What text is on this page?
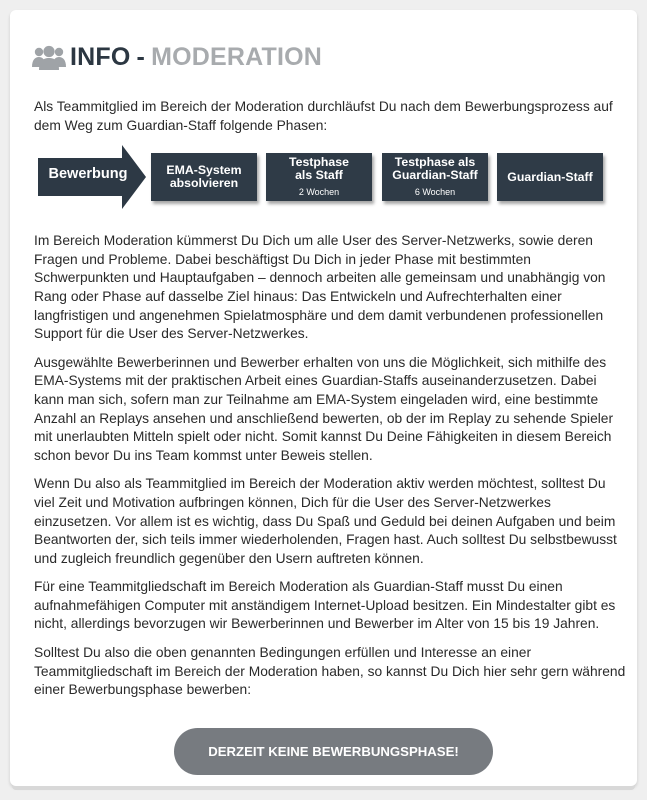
INFO - MODERATION

Als Teammitglied im Bereich der Moderation durchläufst Du nach dem Bewerbungsprozess auf dem Weg zum Guardian-Staff folgende Phasen:

Bewerbung	EMA-System
absolvieren
Testphase
als Staff
2 Wochen
Testphase als
Guardian-Staff
6 Wochen
Guardian-Staff

Im Bereich Moderation kümmerst Du Dich um alle User des Server-Netzwerks, sowie deren Fragen und Probleme. Dabei beschäftigst Du Dich in jeder Phase mit bestimmten Schwerpunkten und Hauptaufgaben – dennoch arbeiten alle gemeinsam und unabhängig von Rang oder Phase auf dasselbe Ziel hinaus: Das Entwickeln und Aufrechterhalten einer langfristigen und angenehmen Spielatmosphäre und dem damit verbundenen professionellen Support für die User des Server-Netzwerkes.

Ausgewählte Bewerberinnen und Bewerber erhalten von uns die Möglichkeit, sich mithilfe des EMA-Systems mit der praktischen Arbeit eines Guardian-Staffs auseinanderzusetzen. Dabei kann man sich, sofern man zur Teilnahme am EMA-System eingeladen wird, eine bestimmte Anzahl an Replays ansehen und anschließend bewerten, ob der im Replay zu sehende Spieler mit unerlaubten Mitteln spielt oder nicht. Somit kannst Du Deine Fähigkeiten in diesem Bereich schon bevor Du ins Team kommst unter Beweis stellen.

Wenn Du also als Teammitglied im Bereich der Moderation aktiv werden möchtest, solltest Du viel Zeit und Motivation aufbringen können, Dich für die User des Server-Netzwerkes einzusetzen. Vor allem ist es wichtig, dass Du Spaß und Geduld bei deinen Aufgaben und beim Beantworten der, sich teils immer wiederholenden, Fragen hast. Auch solltest Du selbstbewusst und zugleich freundlich gegenüber den Usern auftreten können.

Für eine Teammitgliedschaft im Bereich Moderation als Guardian-Staff musst Du einen aufnahmefähigen Computer mit anständigem Internet-Upload besitzen. Ein Mindestalter gibt es nicht, allerdings bevorzugen wir Bewerberinnen und Bewerber im Alter von 15 bis 19 Jahren.

Solltest Du also die oben genannten Bedingungen erfüllen und Interesse an einer Teammitgliedschaft im Bereich der Moderation haben, so kannst Du Dich hier sehr gern während einer Bewerbungsphase bewerben:

DERZEIT KEINE BEWERBUNGSPHASE!
